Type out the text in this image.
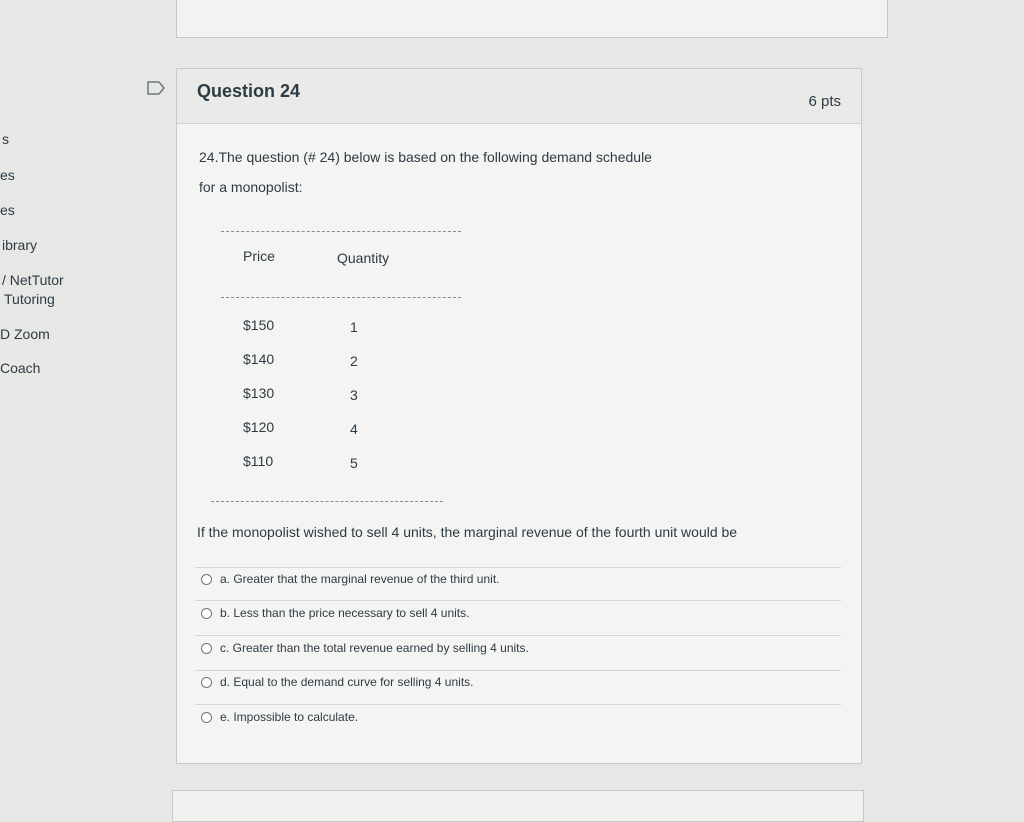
s
es
es
ibrary
/ NetTutor
Tutoring
D Zoom
Coach
Question 24
6 pts
24.The question (# 24) below is based on the following demand schedule
for a monopolist:
Price	Quantity
$150	1
$140	2
$130	3
$120	4
$110	5
If the monopolist wished to sell 4 units, the marginal revenue of the fourth unit would be
a. Greater that the marginal revenue of the third unit.
b. Less than the price necessary to sell 4 units.
c. Greater than the total revenue earned by selling 4 units.
d. Equal to the demand curve for selling 4 units.
e. Impossible to calculate.
